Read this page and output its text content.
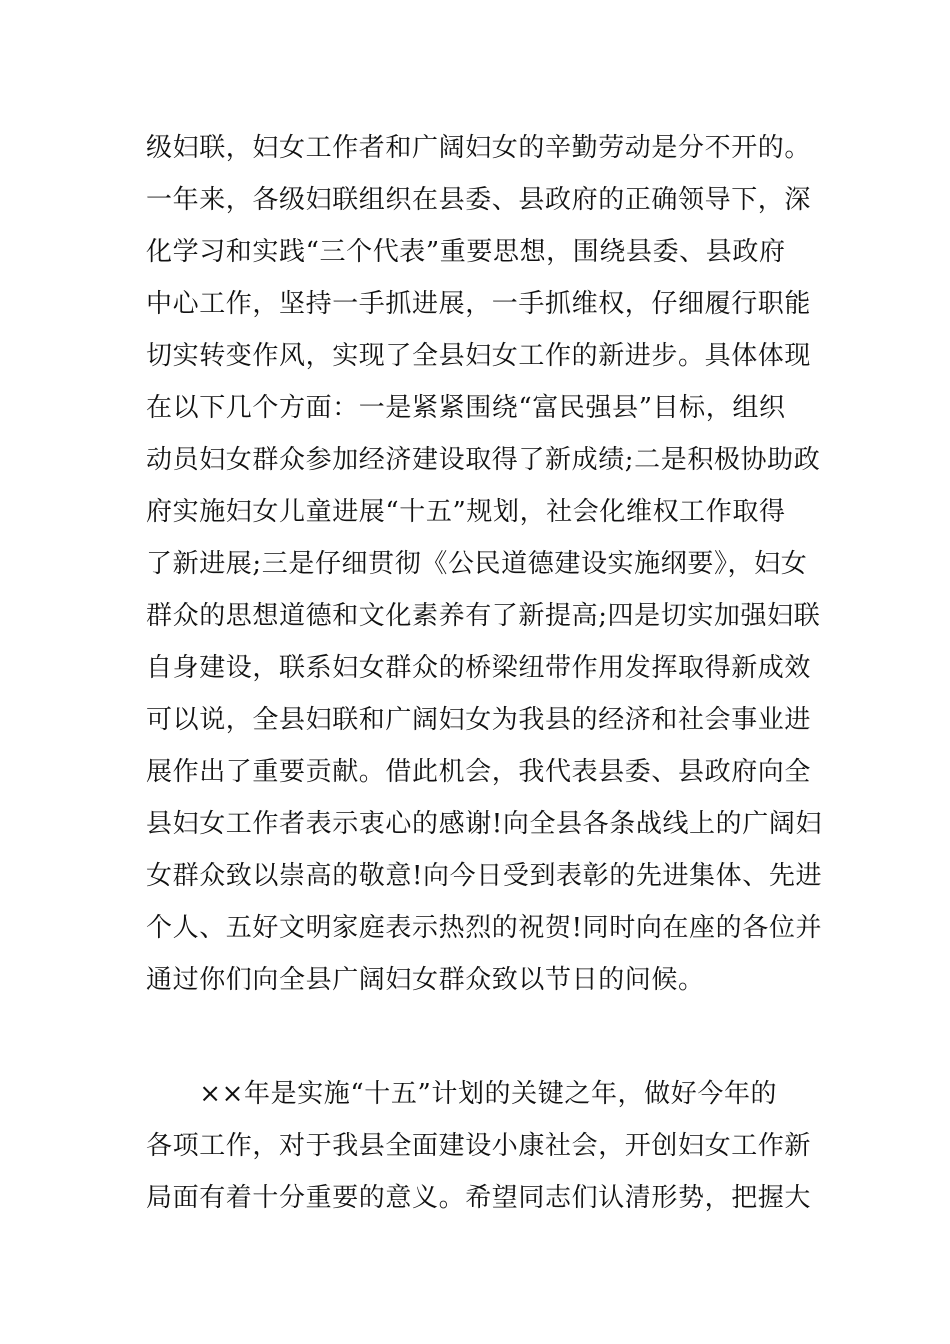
级妇联，妇女工作者和广阔妇女的辛勤劳动是分不开的。
一年来，各级妇联组织在县委、县政府的正确领导下，深
化学习和实践“三个代表”重要思想，围绕县委、县政府
中心工作，坚持一手抓进展，一手抓维权，仔细履行职能
切实转变作风，实现了全县妇女工作的新进步。具体体现
在以下几个方面：一是紧紧围绕“富民强县”目标，组织
动员妇女群众参加经济建设取得了新成绩;二是积极协助政
府实施妇女儿童进展“十五”规划，社会化维权工作取得
了新进展;三是仔细贯彻《公民道德建设实施纲要》，妇女
群众的思想道德和文化素养有了新提高;四是切实加强妇联
自身建设，联系妇女群众的桥梁纽带作用发挥取得新成效
可以说，全县妇联和广阔妇女为我县的经济和社会事业进
展作出了重要贡献。借此机会，我代表县委、县政府向全
县妇女工作者表示衷心的感谢!向全县各条战线上的广阔妇
女群众致以崇高的敬意!向今日受到表彰的先进集体、先进
个人、五好文明家庭表示热烈的祝贺!同时向在座的各位并
通过你们向全县广阔妇女群众致以节日的问候。
　　××年是实施“十五”计划的关键之年，做好今年的
各项工作，对于我县全面建设小康社会，开创妇女工作新
局面有着十分重要的意义。希望同志们认清形势，把握大
